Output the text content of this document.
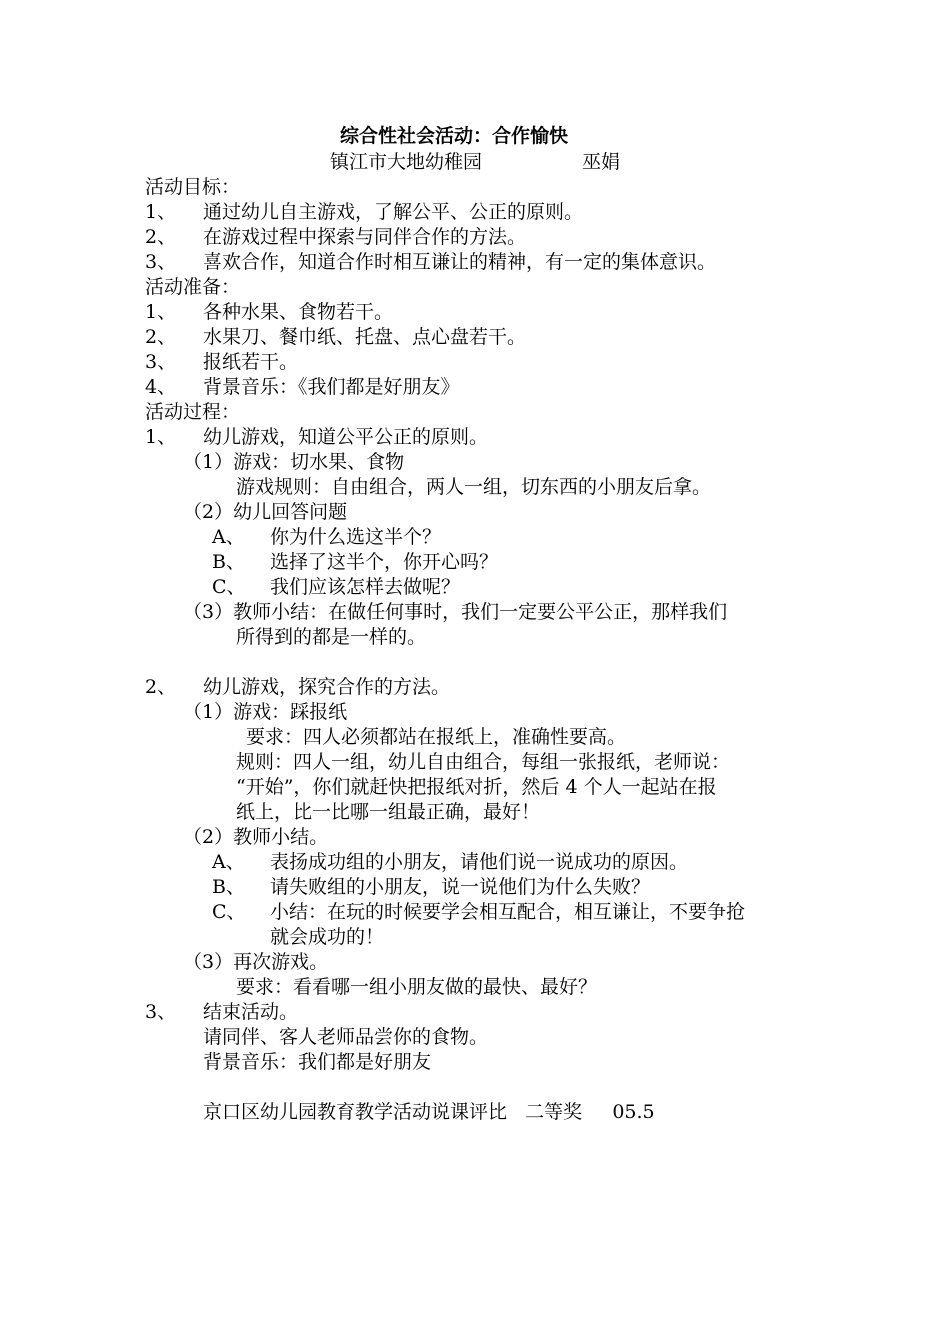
综合性社会活动：合作愉快
镇江市大地幼稚园	巫娟
活动目标：
1、 通过幼儿自主游戏，了解公平、公正的原则。
2、 在游戏过程中探索与同伴合作的方法。
3、 喜欢合作，知道合作时相互谦让的精神，有一定的集体意识。
活动准备：
1、 各种水果、食物若干。
2、 水果刀、餐巾纸、托盘、点心盘若干。
3、 报纸若干。
4、 背景音乐：《我们都是好朋友》
活动过程：
1、 幼儿游戏，知道公平公正的原则。
（1）游戏：切水果、食物
游戏规则：自由组合，两人一组，切东西的小朋友后拿。
（2）幼儿回答问题
A、 你为什么选这半个？
B、 选择了这半个，你开心吗？
C、 我们应该怎样去做呢？
（3）教师小结：在做任何事时，我们一定要公平公正，那样我们
所得到的都是一样的。
2、 幼儿游戏，探究合作的方法。
（1）游戏：踩报纸
要求：四人必须都站在报纸上，准确性要高。
规则：四人一组，幼儿自由组合，每组一张报纸，老师说：
“开始”，你们就赶快把报纸对折，然后 4 个人一起站在报
纸上，比一比哪一组最正确，最好！
（2）教师小结。
A、 表扬成功组的小朋友，请他们说一说成功的原因。
B、 请失败组的小朋友，说一说他们为什么失败？
C、 小结：在玩的时候要学会相互配合，相互谦让，不要争抢
就会成功的！
（3）再次游戏。
要求：看看哪一组小朋友做的最快、最好？
3、 结束活动。
请同伴、客人老师品尝你的食物。
背景音乐：我们都是好朋友
京口区幼儿园教育教学活动说课评比   二等奖     05.5
